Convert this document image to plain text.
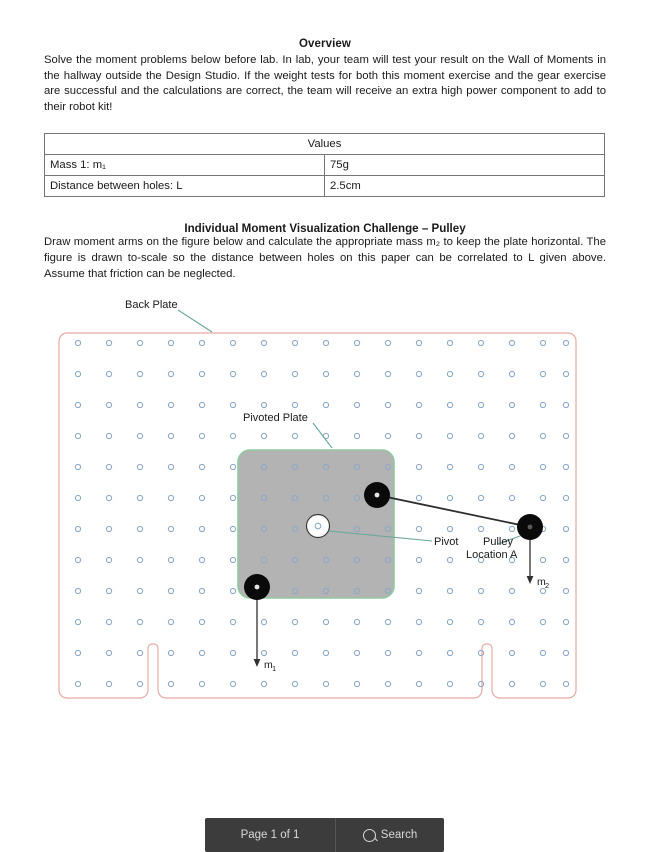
Overview

Solve the moment problems below before lab. In lab, your team will test your result on the Wall of Moments in the hallway outside the Design Studio. If the weight tests for both this moment exercise and the gear exercise are successful and the calculations are correct, the team will receive an extra high power component to add to their robot kit!

Values	
Mass 1: m₁	75g
Distance between holes: L	2.5cm
Individual Moment Visualization Challenge – Pulley

Draw moment arms on the figure below and calculate the appropriate mass m₂ to keep the plate horizontal. The figure is drawn to-scale so the distance between holes on this paper can be correlated to L given above. Assume that friction can be neglected.

Back Plate
Pivoted Plate
Pivot Pulley
Location A
m 2
m 1
Page 1 of 1	Search
